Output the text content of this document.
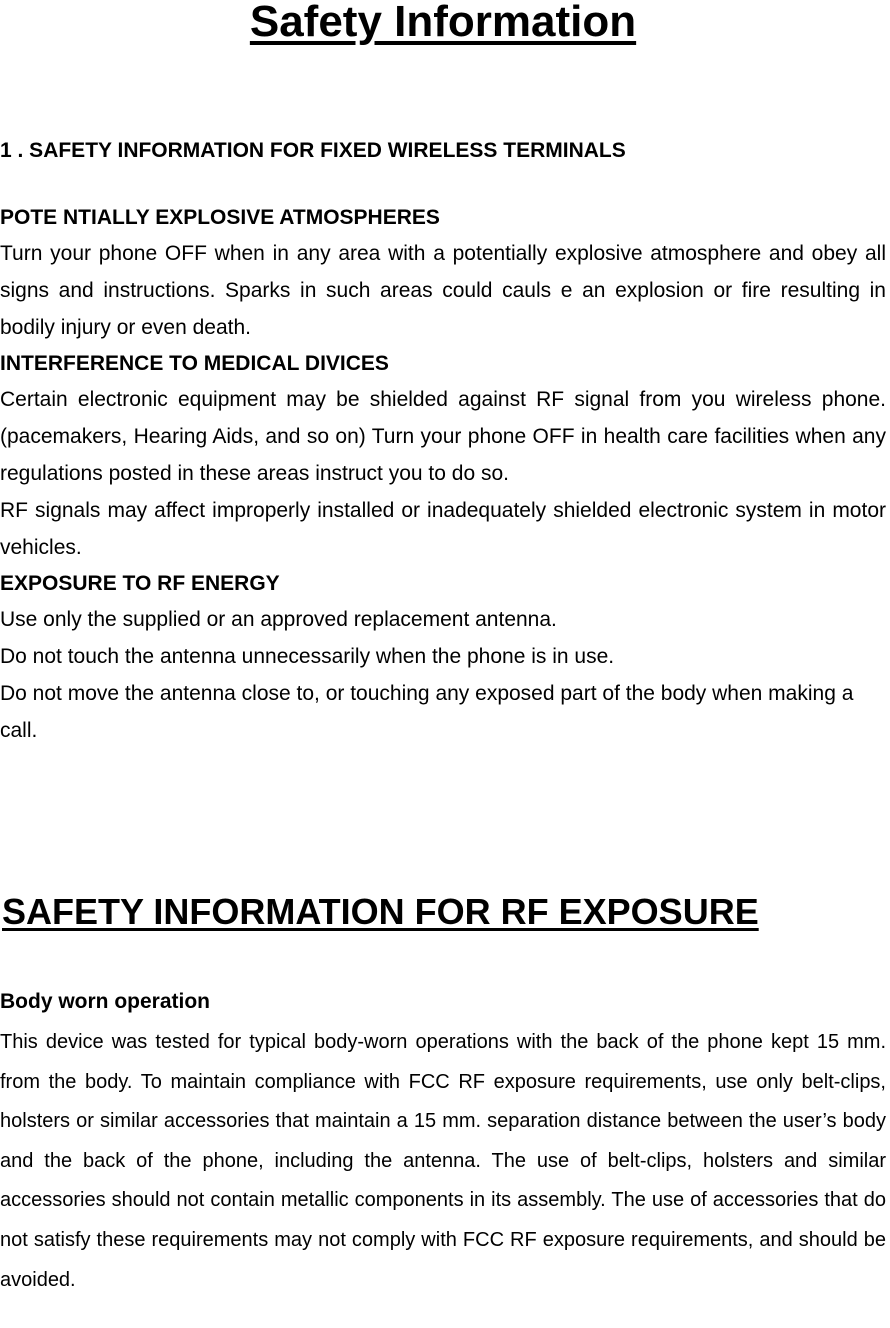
Safety Information

1 . SAFETY INFORMATION FOR FIXED WIRELESS TERMINALS

POTE NTIALLY EXPLOSIVE ATMOSPHERES

Turn your phone OFF when in any area with a potentially explosive atmosphere and obey all signs and instructions. Sparks in such areas could cauls e an explosion or fire resulting in bodily injury or even death.

INTERFERENCE TO MEDICAL DIVICES

Certain electronic equipment may be shielded against RF signal from you wireless phone. (pacemakers, Hearing Aids, and so on) Turn your phone OFF in health care facilities when any regulations posted in these areas instruct you to do so.

RF signals may affect improperly installed or inadequately shielded electronic system in motor vehicles.

EXPOSURE TO RF ENERGY

Use only the supplied or an approved replacement antenna.

Do not touch the antenna unnecessarily when the phone is in use.

Do not move the antenna close to, or touching any exposed part of the body when making a call.

SAFETY INFORMATION FOR RF EXPOSURE

Body worn operation

This device was tested for typical body-worn operations with the back of the phone kept 15 mm. from the body. To maintain compliance with FCC RF exposure requirements, use only belt-clips, holsters or similar accessories that maintain a 15 mm. separation distance between the user’s body and the back of the phone, including the antenna. The use of belt-clips, holsters and similar accessories should not contain metallic components in its assembly. The use of accessories that do not satisfy these requirements may not comply with FCC RF exposure requirements, and should be avoided.
